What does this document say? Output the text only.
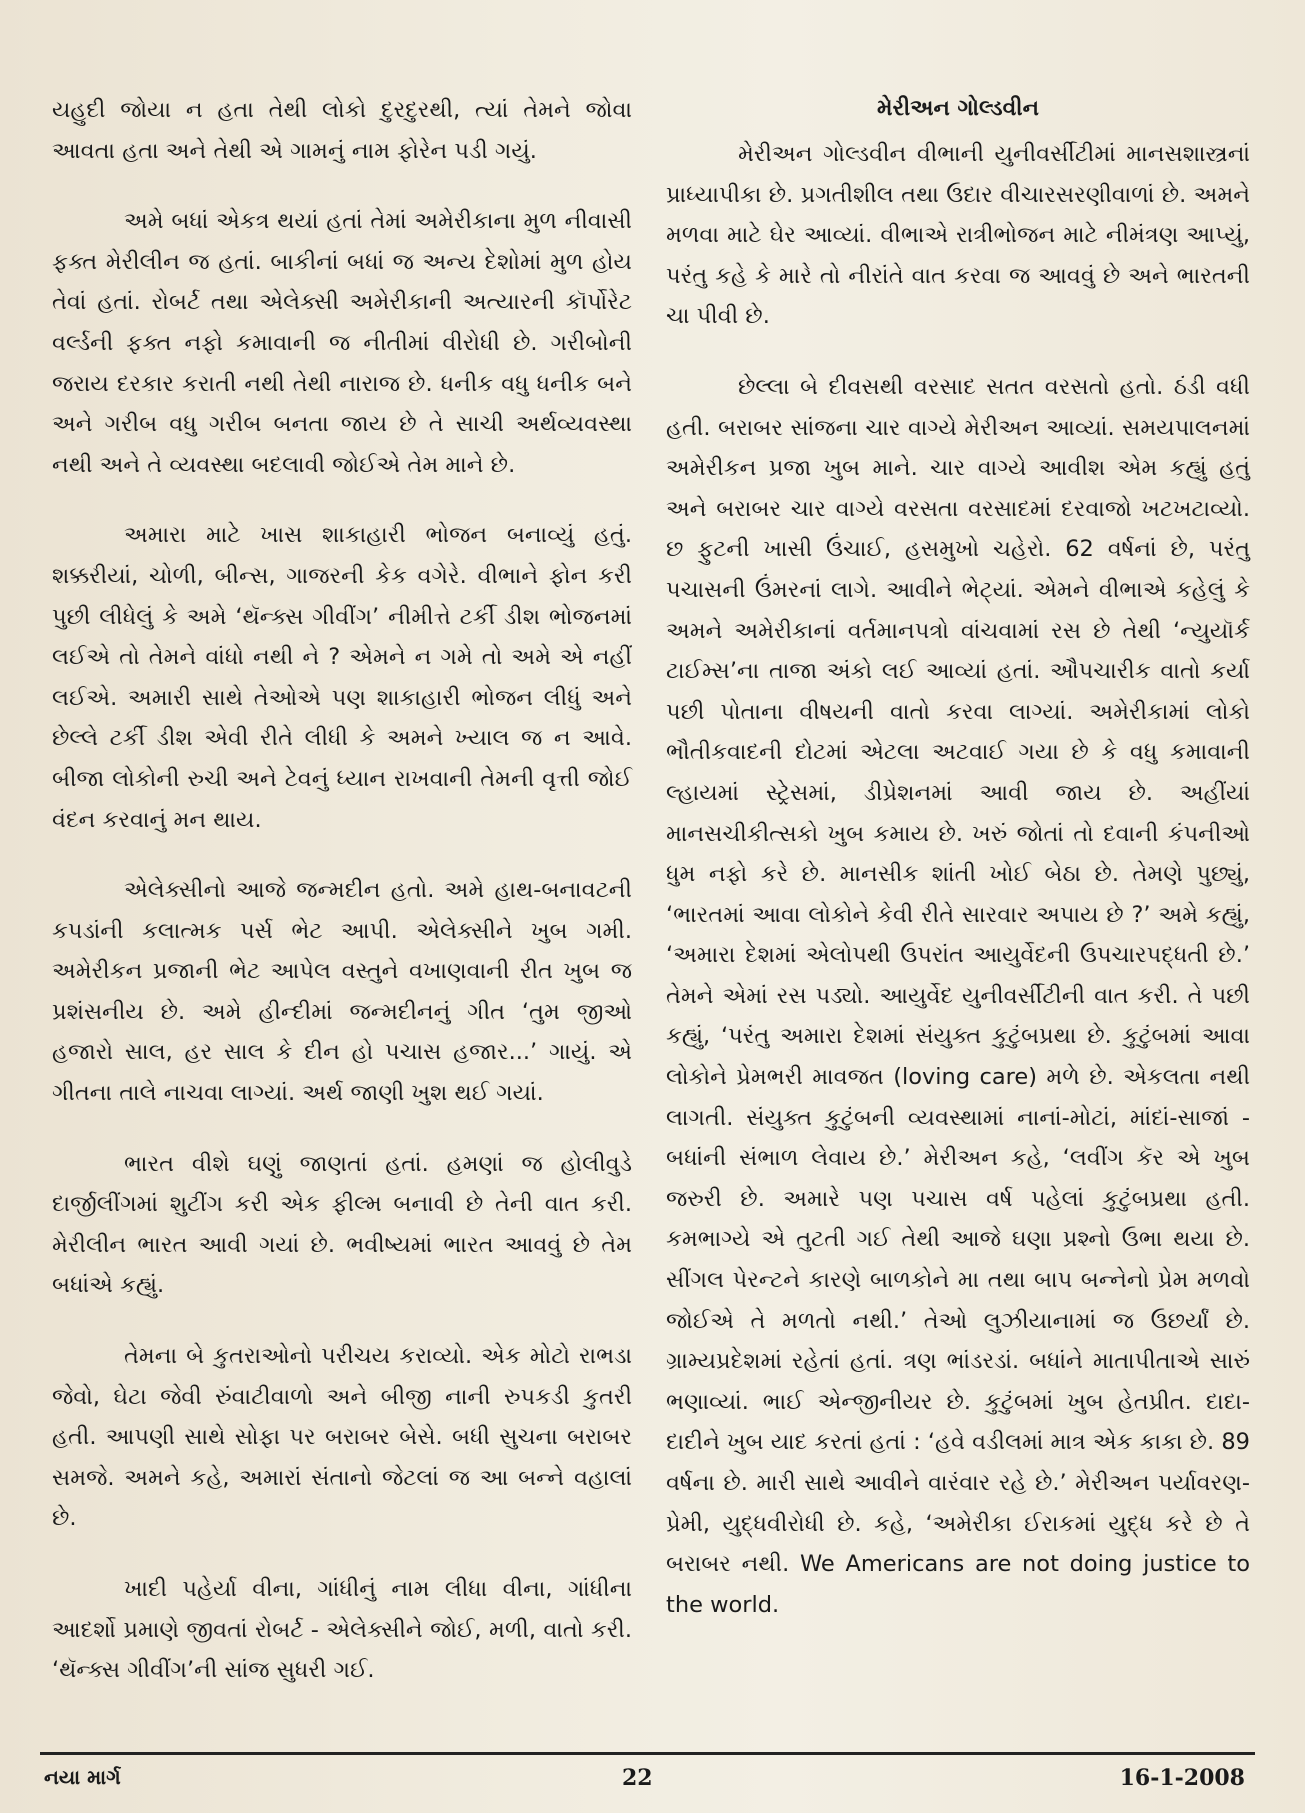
યહુદી જોયા ન હતા તેથી લોકો દુરદુરથી, ત્યાં તેમને જોવા આવતા હતા અને તેથી એ ગામનું નામ ફોરેન પડી ગયું.

અમે બધાં એકત્ર થયાં હતાં તેમાં અમેરીકાના મુળ નીવાસી ફક્ત મેરીલીન જ હતાં. બાકીનાં બધાં જ અન્ય દેશોમાં મુળ હોય તેવાં હતાં. રોબર્ટ તથા એલેક્સી અમેરીકાની અત્યારની કૉર્પોરેટ વર્લ્ડની ફક્ત નફો કમાવાની જ નીતીમાં વીરોધી છે. ગરીબોની જરાય દરકાર કરાતી નથી તેથી નારાજ છે. ધનીક વધુ ધનીક બને અને ગરીબ વધુ ગરીબ બનતા જાય છે તે સાચી અર્થવ્યવસ્થા નથી અને તે વ્યવસ્થા બદલાવી જોઈએ તેમ માને છે.

અમારા માટે ખાસ શાકાહારી ભોજન બનાવ્યું હતું. શક્કરીયાં, ચોળી, બીન્સ, ગાજરની કેક વગેરે. વીભાને ફોન કરી પુછી લીધેલું કે અમે ‘થૅન્ક્સ ગીવીંગ’ નીમીત્તે ટર્કી ડીશ ભોજનમાં લઈએ તો તેમને વાંધો નથી ને ? એમને ન ગમે તો અમે એ નહીં લઈએ. અમારી સાથે તેઓએ પણ શાકાહારી ભોજન લીધું અને છેલ્લે ટર્કી ડીશ એવી રીતે લીધી કે અમને ખ્યાલ જ ન આવે. બીજા લોકોની રુચી અને ટેવનું ધ્યાન રાખવાની તેમની વૃત્તી જોઈ વંદન કરવાનું મન થાય.

એલેક્સીનો આજે જન્મદીન હતો. અમે હાથ-બનાવટની કપડાંની કલાત્મક પર્સ ભેટ આપી. એલેક્સીને ખુબ ગમી. અમેરીકન પ્રજાની ભેટ આપેલ વસ્તુને વખાણવાની રીત ખુબ જ પ્રશંસનીય છે. અમે હીન્દીમાં જન્મદીનનું ગીત ‘તુમ જીઓ હજારો સાલ, હર સાલ કે દીન હો પચાસ હજાર...’ ગાયું. એ ગીતના તાલે નાચવા લાગ્યાં. અર્થ જાણી ખુશ થઈ ગયાં.

ભારત વીશે ઘણું જાણતાં હતાં. હમણાં જ હોલીવુડે દાર્જીલીંગમાં શુટીંગ કરી એક ફીલ્મ બનાવી છે તેની વાત કરી. મેરીલીન ભારત આવી ગયાં છે. ભવીષ્યમાં ભારત આવવું છે તેમ બધાંએ કહ્યું.

તેમના બે કુતરાઓનો પરીચય કરાવ્યો. એક મોટો રાભડા જેવો, ઘેટા જેવી રુંવાટીવાળો અને બીજી નાની રુપકડી કુતરી હતી. આપણી સાથે સોફા પર બરાબર બેસે. બધી સુચના બરાબર સમજે. અમને કહે, અમારાં સંતાનો જેટલાં જ આ બન્ને વહાલાં છે.

ખાદી પહેર્યા વીના, ગાંધીનું નામ લીધા વીના, ગાંધીના આદર્શો પ્રમાણે જીવતાં રોબર્ટ - એલેક્સીને જોઈ, મળી, વાતો કરી. ‘થૅન્ક્સ ગીવીંગ’ની સાંજ સુધરી ગઈ.

મેરીઅન ગોલ્ડવીન

મેરીઅન ગોલ્ડવીન વીભાની યુનીવર્સીટીમાં માનસશાસ્ત્રનાં પ્રાધ્યાપીકા છે. પ્રગતીશીલ તથા ઉદાર વીચારસરણીવાળાં છે. અમને મળવા માટે ઘેર આવ્યાં. વીભાએ રાત્રીભોજન માટે નીમંત્રણ આપ્યું, પરંતુ કહે કે મારે તો નીરાંતે વાત કરવા જ આવવું છે અને ભારતની ચા પીવી છે.

છેલ્લા બે દીવસથી વરસાદ સતત વરસતો હતો. ઠંડી વધી હતી. બરાબર સાંજના ચાર વાગ્યે મેરીઅન આવ્યાં. સમયપાલનમાં અમેરીકન પ્રજા ખુબ માને. ચાર વાગ્યે આવીશ એમ કહ્યું હતું અને બરાબર ચાર વાગ્યે વરસતા વરસાદમાં દરવાજો ખટખટાવ્યો. છ ફુટની ખાસી ઉંચાઈ, હસમુખો ચહેરો. 62 વર્ષનાં છે, પરંતુ પચાસની ઉંમરનાં લાગે. આવીને ભેટ્યાં. એમને વીભાએ કહેલું કે અમને અમેરીકાનાં વર્તમાનપત્રો વાંચવામાં રસ છે તેથી ‘ન્યુયૉર્ક ટાઈમ્સ’ના તાજા અંકો લઈ આવ્યાં હતાં. ઔપચારીક વાતો કર્યા પછી પોતાના વીષયની વાતો કરવા લાગ્યાં. અમેરીકામાં લોકો ભૌતીકવાદની દોટમાં એટલા અટવાઈ ગયા છે કે વધુ કમાવાની લ્હાયમાં સ્ટ્રેસમાં, ડીપ્રેશનમાં આવી જાય છે. અહીંયાં માનસચીકીત્સકો ખુબ કમાય છે. ખરું જોતાં તો દવાની કંપનીઓ ધુમ નફો કરે છે. માનસીક શાંતી ખોઈ બેઠા છે. તેમણે પુછ્યું, ‘ભારતમાં આવા લોકોને કેવી રીતે સારવાર અપાય છે ?’ અમે કહ્યું, ‘અમારા દેશમાં એલોપથી ઉપરાંત આયુર્વેદની ઉપચારપદ્ધતી છે.’ તેમને એમાં રસ પડ્યો. આયુર્વેદ યુનીવર્સીટીની વાત કરી. તે પછી કહ્યું, ‘પરંતુ અમારા દેશમાં સંયુક્ત કુટુંબપ્રથા છે. કુટુંબમાં આવા લોકોને પ્રેમભરી માવજત (loving care) મળે છે. એકલતા નથી લાગતી. સંયુક્ત કુટુંબની વ્યવસ્થામાં નાનાં-મોટાં, માંદાં-સાજાં - બધાંની સંભાળ લેવાય છે.’ મેરીઅન કહે, ‘લવીંગ કૅર એ ખુબ જરુરી છે. અમારે પણ પચાસ વર્ષ પહેલાં કુટુંબપ્રથા હતી. કમભાગ્યે એ તુટતી ગઈ તેથી આજે ઘણા પ્રશ્નો ઉભા થયા છે. સીંગલ પેરન્ટને કારણે બાળકોને મા તથા બાપ બન્નેનો પ્રેમ મળવો જોઈએ તે મળતો નથી.’ તેઓ લુઝીયાનામાં જ ઉછર્યાં છે. ગ્રામ્યપ્રદેશમાં રહેતાં હતાં. ત્રણ ભાંડરડાં. બધાંને માતાપીતાએ સારું ભણાવ્યાં. ભાઈ એન્જીનીયર છે. કુટુંબમાં ખુબ હેતપ્રીત. દાદા-દાદીને ખુબ યાદ કરતાં હતાં : ‘હવે વડીલમાં માત્ર એક કાકા છે. 89 વર્ષના છે. મારી સાથે આવીને વારંવાર રહે છે.’ મેરીઅન પર્યાવરણ-પ્રેમી, યુદ્ધવીરોધી છે. કહે, ‘અમેરીકા ઈરાકમાં યુદ્ધ કરે છે તે બરાબર નથી. We Americans are not doing justice to the world.

નયા માર્ગ	22	16-1-2008
